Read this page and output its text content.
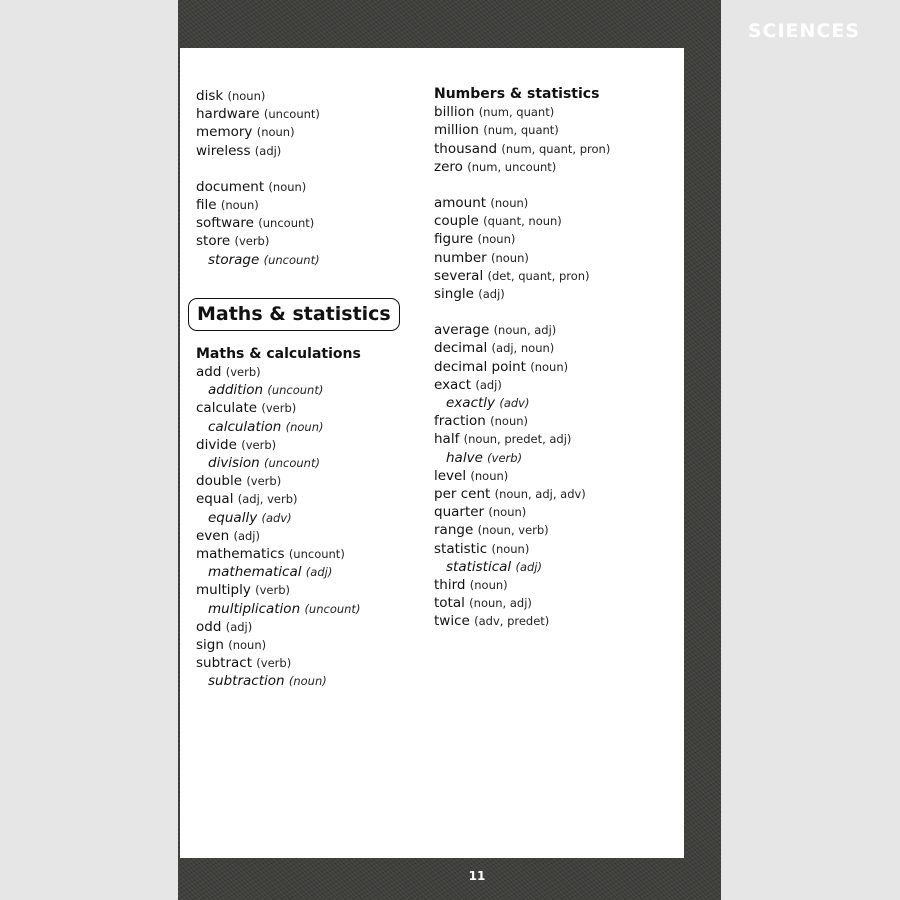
SCIENCES
11
disk (noun)
hardware (uncount)
memory (noun)
wireless (adj)
document (noun)
file (noun)
software (uncount)
store (verb)
storage (uncount)
Maths & statistics
Maths & calculations
add (verb)
addition (uncount)
calculate (verb)
calculation (noun)
divide (verb)
division (uncount)
double (verb)
equal (adj, verb)
equally (adv)
even (adj)
mathematics (uncount)
mathematical (adj)
multiply (verb)
multiplication (uncount)
odd (adj)
sign (noun)
subtract (verb)
subtraction (noun)
Numbers & statistics
billion (num, quant)
million (num, quant)
thousand (num, quant, pron)
zero (num, uncount)
amount (noun)
couple (quant, noun)
figure (noun)
number (noun)
several (det, quant, pron)
single (adj)
average (noun, adj)
decimal (adj, noun)
decimal point (noun)
exact (adj)
exactly (adv)
fraction (noun)
half (noun, predet, adj)
halve (verb)
level (noun)
per cent (noun, adj, adv)
quarter (noun)
range (noun, verb)
statistic (noun)
statistical (adj)
third (noun)
total (noun, adj)
twice (adv, predet)
